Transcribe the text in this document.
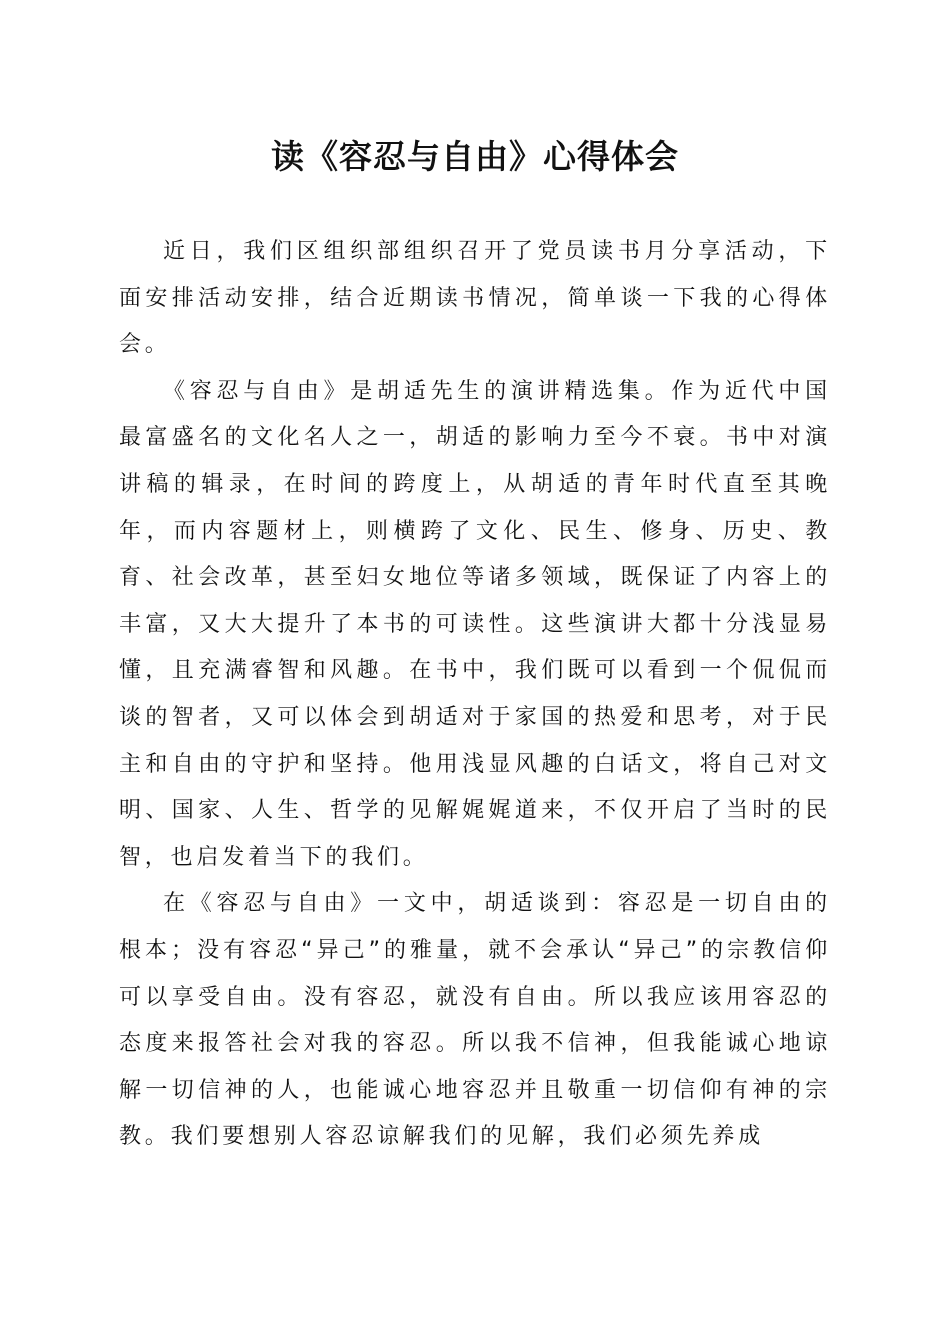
读《容忍与自由》心得体会

近日，我们区组织部组织召开了党员读书月分享活动，下面安排活动安排，结合近期读书情况，简单谈一下我的心得体会。

《容忍与自由》是胡适先生的演讲精选集。作为近代中国最富盛名的文化名人之一，胡适的影响力至今不衰。书中对演讲稿的辑录，在时间的跨度上，从胡适的青年时代直至其晚年，而内容题材上，则横跨了文化、民生、修身、历史、教育、社会改革，甚至妇女地位等诸多领域，既保证了内容上的丰富，又大大提升了本书的可读性。这些演讲大都十分浅显易懂，且充满睿智和风趣。在书中，我们既可以看到一个侃侃而谈的智者，又可以体会到胡适对于家国的热爱和思考，对于民主和自由的守护和坚持。他用浅显风趣的白话文，将自己对文明、国家、人生、哲学的见解娓娓道来，不仅开启了当时的民智，也启发着当下的我们。

在《容忍与自由》一文中，胡适谈到：容忍是一切自由的根本；没有容忍“异己”的雅量，就不会承认“异己”的宗教信仰可以享受自由。没有容忍，就没有自由。所以我应该用容忍的态度来报答社会对我的容忍。所以我不信神，但我能诚心地谅解一切信神的人，也能诚心地容忍并且敬重一切信仰有神的宗教。我们要想别人容忍谅解我们的见解，我们必须先养成
